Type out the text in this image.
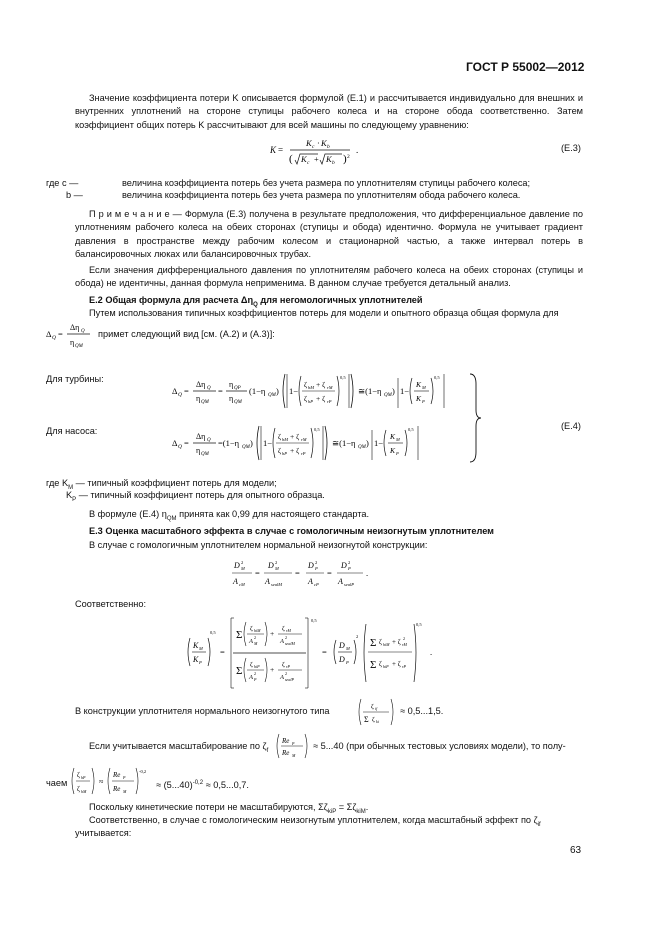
ГОСТ Р 55002—2012
Значение коэффициента потери K описывается формулой (Е.1) и рассчитывается индивидуально для внешних и внутренних уплотнений на стороне ступицы рабочего колеса и на стороне обода соответственно. Затем коэффициент общих потерь K рассчитывают для всей машины по следующему уравнению:
K =
K c · K b
( K c + K b ) 2
.	(Е.3)
где c —	величина коэффициента потерь без учета размера по уплотнителям ступицы рабочего колеса;
b —	величина коэффициента потерь без учета размера по уплотнителям обода рабочего колеса.
П р и м е ч а н и е — Формула (Е.3) получена в результате предположения, что дифференциальное давление по уплотнениям рабочего колеса на обеих сторонах (ступицы и обода) идентично. Формула не учитывает градиент давления в пространстве между рабочим колесом и стационарной частью, а также интервал потерь в балансировочных люках или балансировочных трубах.
Если значения дифференциального давления по уплотнителям рабочего колеса на обеих сторонах (ступицы и обода) не идентичны, данная формула неприменима. В данном случае требуется детальный анализ.
Е.2 Общая формула для расчета $\Delta\eta_Q$ для негомологичных уплотнителей
Путем использования типичных коэффициентов потерь для модели и опытного образца общая формула для
Δ Q =
Δη Q
η QM
примет следующий вид [см. (А.2) и (А.3)]:
Для турбины:
Δ Q =
Δη Q
η QM
=
η QP
η QM
(1−η QM ) 1−
ζ hM + ζ rM
ζ hP + ζ rP
0,5
≅(1−η QM ) 1−
K M
K P
0,5
(Е.4)
Для насоса:
Δ Q =
Δη Q
η QM
=(1−η QM ) 1−
ζ hM + ζ rM
ζ hP + ζ rP
0,5
≅(1−η QM ) 1−
K M
K P
0,5
где $K_M$ — типичный коэффициент потерь для модели;
$K_P$ — типичный коэффициент потерь для опытного образца.
В формуле (Е.4) $\eta_{QM}$ принята как 0,99 для настоящего стандарта.
Е.3 Оценка масштабного эффекта в случае с гомологичным неизогнутым уплотнителем
В случае с гомологичным уплотнителем нормальной неизогнутой конструкции:
D 2
M
A cM
=
D 2
M
A sealM
=
D 2
P
A cP
=
D 2
P
A sealP
.
Соответственно:
K M
K P
0,5
=
Σ
ζ hiM
A
2
M
+
ζ rM
A
2
sealM
Σ
ζ hiP
A
2
P
+
ζ rP
A
2
sealP
0,5
=
D M
D P
2
Σ ζ hiM + ζ rM
2
Σ ζ hiP + ζ rP
0,5
.
В конструкции уплотнителя нормального неизогнутого типа	ζ if
Σ ζ ki
≈ 0,5...1,5.
Если учитывается масштабирование по $\zeta_f$
Re P
Re M
≈ 5...40 (при обычных тестовых условиях модели), то полу-
чаем
ζ hP
ζ hM
≈
Re P
Re M
-0,2
≈ $(5...40)^{-0,2} \approx 0,5...0,7$.
Поскольку кинетические потери не масштабируются, $\Sigma\zeta_{kiP} = \Sigma\zeta_{kiM}$.
Соответственно, в случае с гомологическим неизогнутым уплотнителем, когда масштабный эффект по $\zeta_{if}$
учитывается:
63
